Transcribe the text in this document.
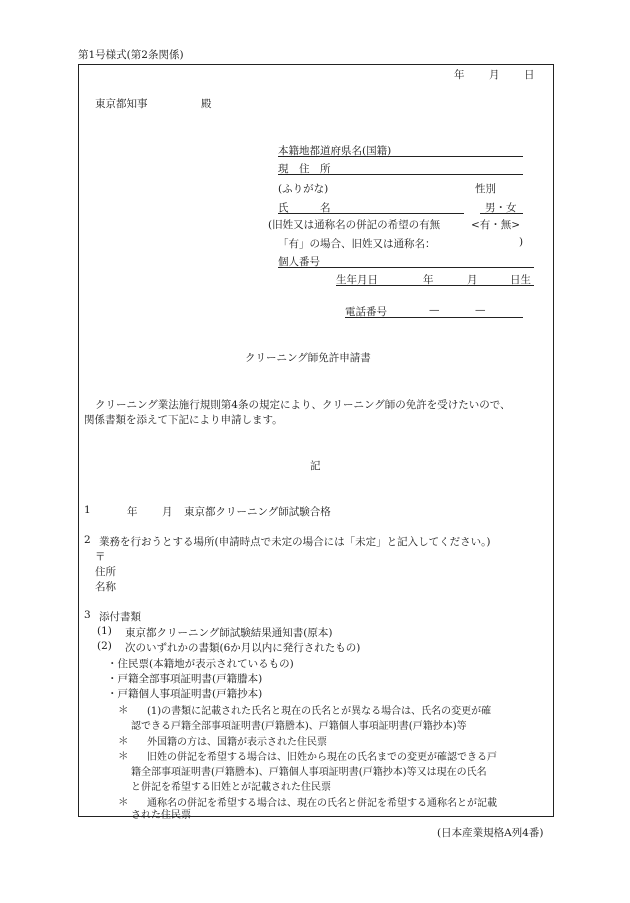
第1号様式(第2条関係)
年 月 日
東京都知事	殿
本籍地都道府県名(国籍)
現　住　所
(ふりがな)	性別
氏　　　名	男・女
(旧姓又は通称名の併記の希望の有無	<有・無>
「有」の場合、旧姓又は通称名：	)
個人番号
生年月日	年	月	日生
電話番号	—	—
クリーニング師免許申請書
クリーニング業法施行規則第4条の規定により、クリーニング師の免許を受けたいので、
関係書類を添えて下記により申請します。
記
1	年 月 東京都クリーニング師試験合格
2 業務を行おうとする場所(申請時点で未定の場合には「未定」と記入してください。)
〒
住所
名称
3 添付書類
(1) 東京都クリーニング師試験結果通知書(原本)
(2) 次のいずれかの書類(6か月以内に発行されたもの)
・住民票(本籍地が表示されているもの)
・戸籍全部事項証明書(戸籍謄本)
・戸籍個人事項証明書(戸籍抄本)
＊ (1)の書類に記載された氏名と現在の氏名とが異なる場合は、氏名の変更が確
認できる戸籍全部事項証明書(戸籍謄本)、戸籍個人事項証明書(戸籍抄本)等
＊ 外国籍の方は、国籍が表示された住民票
＊ 旧姓の併記を希望する場合は、旧姓から現在の氏名までの変更が確認できる戸
籍全部事項証明書(戸籍謄本)、戸籍個人事項証明書(戸籍抄本)等又は現在の氏名
と併記を希望する旧姓とが記載された住民票
＊ 通称名の併記を希望する場合は、現在の氏名と併記を希望する通称名とが記載
された住民票
(日本産業規格A列4番)
